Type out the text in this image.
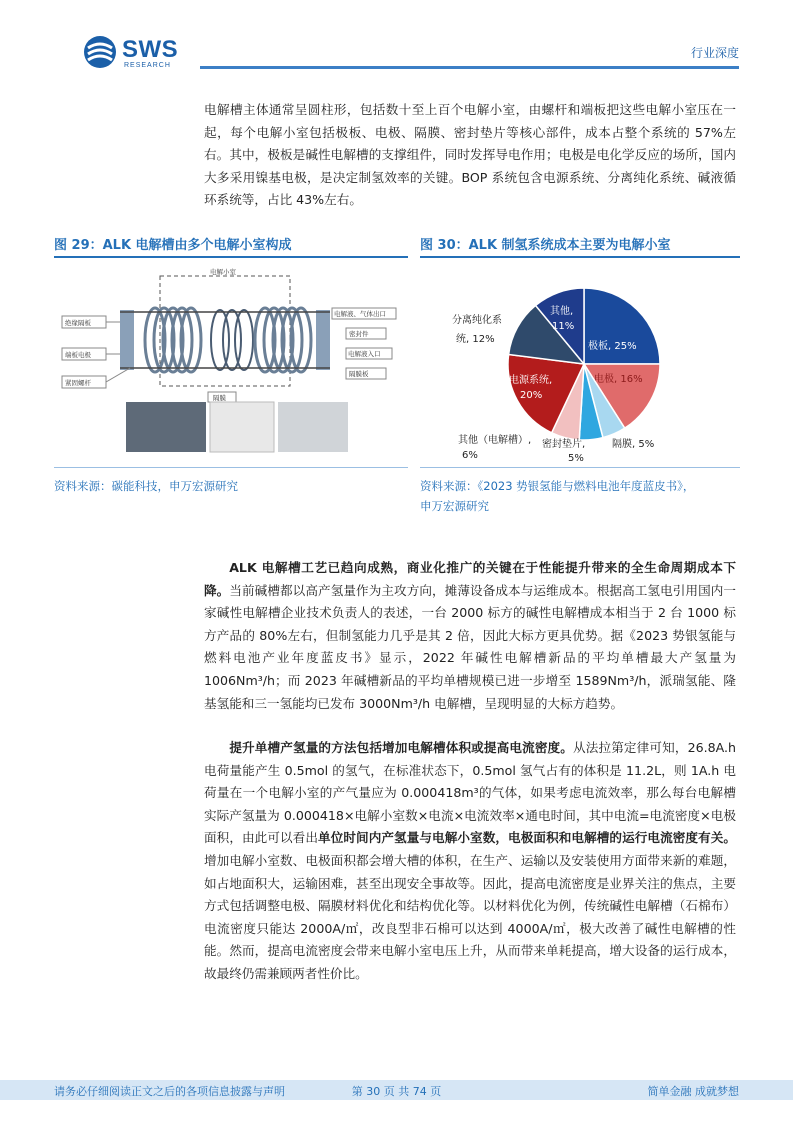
SWS
RESEARCH
行业深度
电解槽主体通常呈圆柱形，包括数十至上百个电解小室，由螺杆和端板把这些电解小室压在一起，每个电解小室包括极板、电极、隔膜、密封垫片等核心部件，成本占整个系统的 57%左右。其中，极板是碱性电解槽的支撑组件，同时发挥导电作用；电极是电化学反应的场所，国内大多采用镍基电极，是决定制氢效率的关键。BOP 系统包含电源系统、分离纯化系统、碱液循环系统等，占比 43%左右。
图 29：ALK 电解槽由多个电解小室构成	图 30：ALK 制氢系统成本主要为电解小室
电解小室
绝缘隔板
端板电极
紧固螺杆
电解液、气体出口
密封件
电解液入口
隔膜板
隔膜
极板, 25%
电极, 16%
隔膜, 5%
密封垫片,
5%
其他（电解槽）,
6%
电源系统,
20%
分离纯化系
统, 12%
其他,
11%
资料来源：碳能科技，申万宏源研究	资料来源：《2023 势银氢能与燃料电池年度蓝皮书》，
申万宏源研究
  ALK 电解槽工艺已趋向成熟，商业化推广的关键在于性能提升带来的全生命周期成本下降。当前碱槽都以高产氢量作为主攻方向，摊薄设备成本与运维成本。根据高工氢电引用国内一家碱性电解槽企业技术负责人的表述，一台 2000 标方的碱性电解槽成本相当于 2 台 1000 标方产品的 80%左右，但制氢能力几乎是其 2 倍，因此大标方更具优势。据《2023 势银氢能与燃料电池产业年度蓝皮书》显示，2022 年碱性电解槽新品的平均单槽最大产氢量为 1006Nm³/h；而 2023 年碱槽新品的平均单槽规模已进一步增至 1589Nm³/h，派瑞氢能、隆基氢能和三一氢能均已发布 3000Nm³/h 电解槽，呈现明显的大标方趋势。
  提升单槽产氢量的方法包括增加电解槽体积或提高电流密度。从法拉第定律可知，26.8A.h 电荷量能产生 0.5mol 的氢气，在标准状态下，0.5mol 氢气占有的体积是 11.2L，则 1A.h 电荷量在一个电解小室的产气量应为 0.000418m³的气体，如果考虑电流效率，那么每台电解槽实际产氢量为 0.000418×电解小室数×电流×电流效率×通电时间，其中电流=电流密度×电极面积，由此可以看出单位时间内产氢量与电解小室数，电极面积和电解槽的运行电流密度有关。增加电解小室数、电极面积都会增大槽的体积，在生产、运输以及安装使用方面带来新的难题，如占地面积大，运输困难，甚至出现安全事故等。因此，提高电流密度是业界关注的焦点，主要方式包括调整电极、隔膜材料优化和结构优化等。以材料优化为例，传统碱性电解槽（石棉布）电流密度只能达 2000A/㎡，改良型非石棉可以达到 4000A/㎡，极大改善了碱性电解槽的性能。然而，提高电流密度会带来电解小室电压上升，从而带来单耗提高，增大设备的运行成本，故最终仍需兼顾两者性价比。
请务必仔细阅读正文之后的各项信息披露与声明	第 30 页 共 74 页	简单金融 成就梦想
